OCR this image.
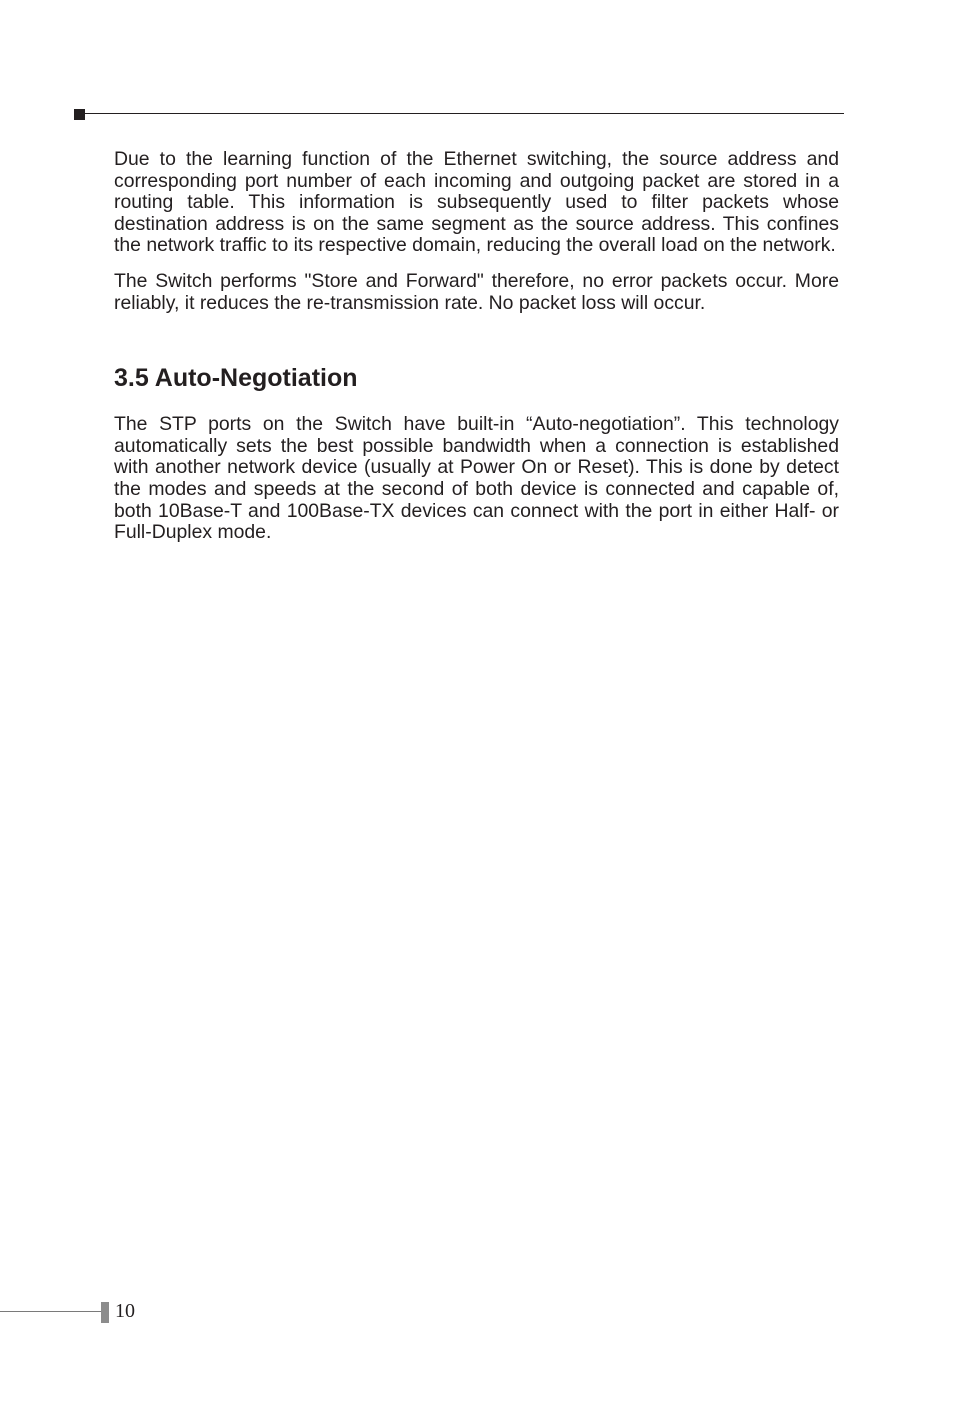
Due to the learning function of the Ethernet switching, the source address and corresponding port number of each incoming and outgoing packet are stored in a routing table. This information is subsequently used to filter packets whose destination address is on the same segment as the source address. This confines the network traffic to its respective domain, reducing the overall load on the network.

The Switch performs "Store and Forward" therefore, no error packets occur. More reliably, it reduces the re-transmission rate. No packet loss will occur.

3.5 Auto-Negotiation

The STP ports on the Switch have built-in “Auto-negotiation”. This technology automatically sets the best possible bandwidth when a connection is established with another network device (usually at Power On or Reset). This is done by detect the modes and speeds at the second of both device is connected and capable of, both 10Base-T and 100Base-TX devices can connect with the port in either Half- or Full-Duplex mode.

10
